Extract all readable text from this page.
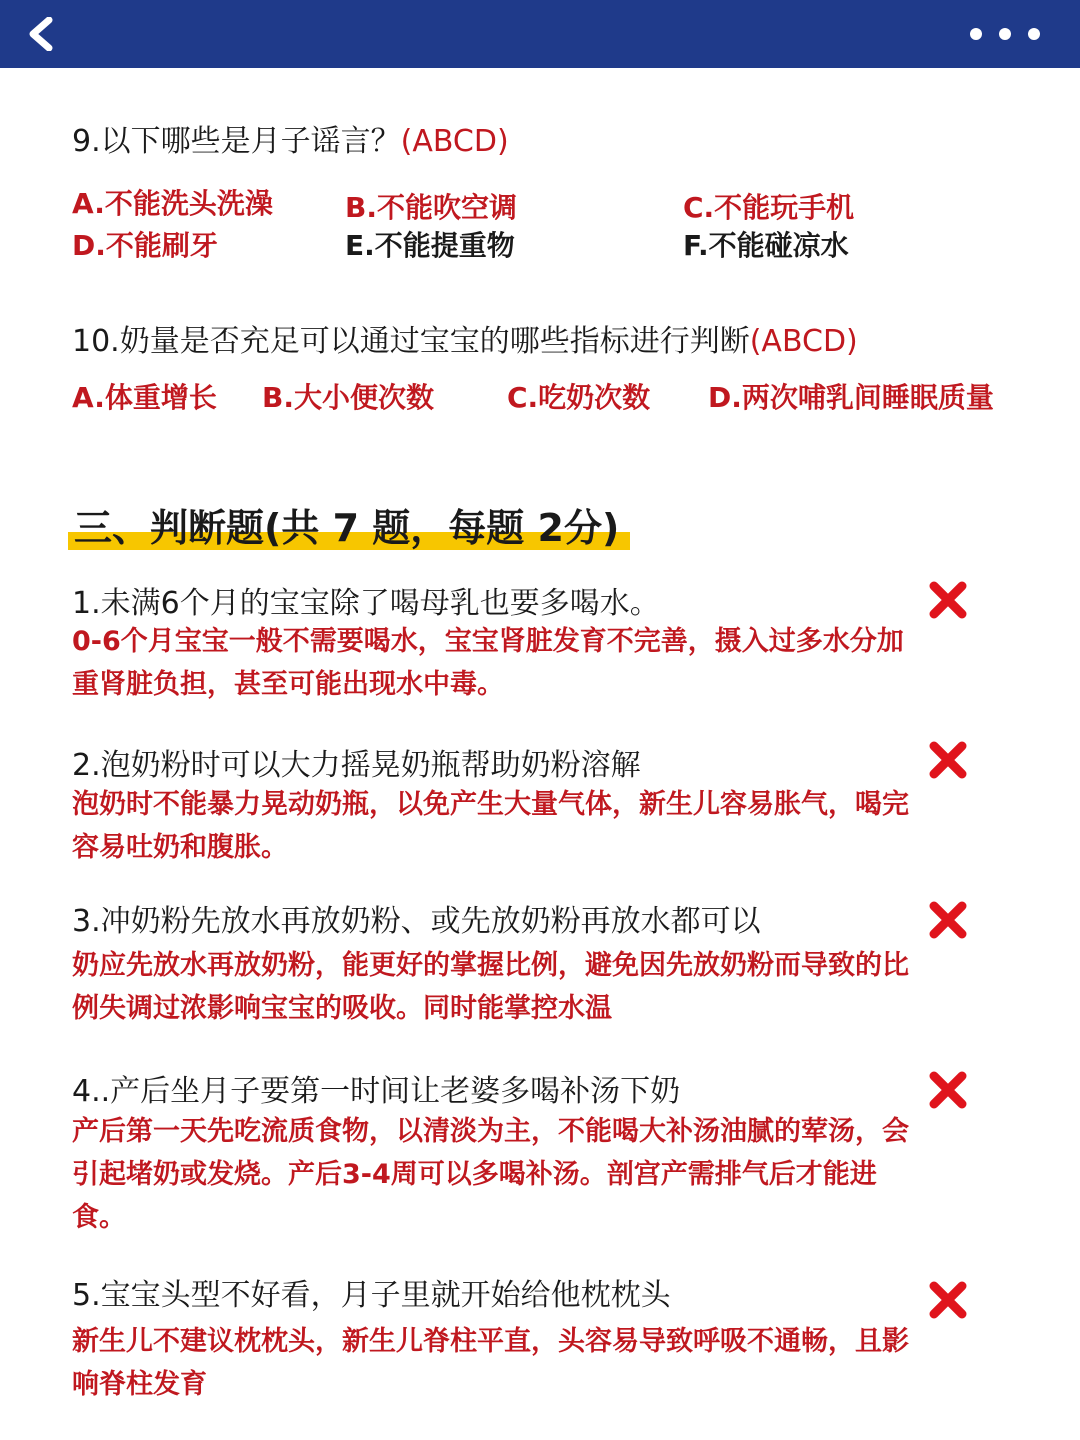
9.以下哪些是月子谣言？(ABCD)
A.不能洗头洗澡	B.不能吹空调	C.不能玩手机
D.不能刷牙	E.不能提重物	F.不能碰凉水
10.奶量是否充足可以通过宝宝的哪些指标进行判断(ABCD)
A.体重增长 B.大小便次数	C.吃奶次数 D.两次哺乳间睡眠质量
三、判断题(共 7 题，每题 2分)
1.未满6个月的宝宝除了喝母乳也要多喝水。
0-6个月宝宝一般不需要喝水，宝宝肾脏发育不完善，摄入过多水分加重肾脏负担，甚至可能出现水中毒。
2.泡奶粉时可以大力摇晃奶瓶帮助奶粉溶解
泡奶时不能暴力晃动奶瓶，以免产生大量气体，新生儿容易胀气，喝完容易吐奶和腹胀。
3.冲奶粉先放水再放奶粉、或先放奶粉再放水都可以
奶应先放水再放奶粉，能更好的掌握比例，避免因先放奶粉而导致的比例失调过浓影响宝宝的吸收。同时能掌控水温
4..产后坐月子要第一时间让老婆多喝补汤下奶
产后第一天先吃流质食物，以清淡为主，不能喝大补汤油腻的荤汤，会引起堵奶或发烧。产后3-4周可以多喝补汤。剖宫产需排气后才能进食。
5.宝宝头型不好看，月子里就开始给他枕枕头
新生儿不建议枕枕头，新生儿脊柱平直，头容易导致呼吸不通畅，且影响脊柱发育
